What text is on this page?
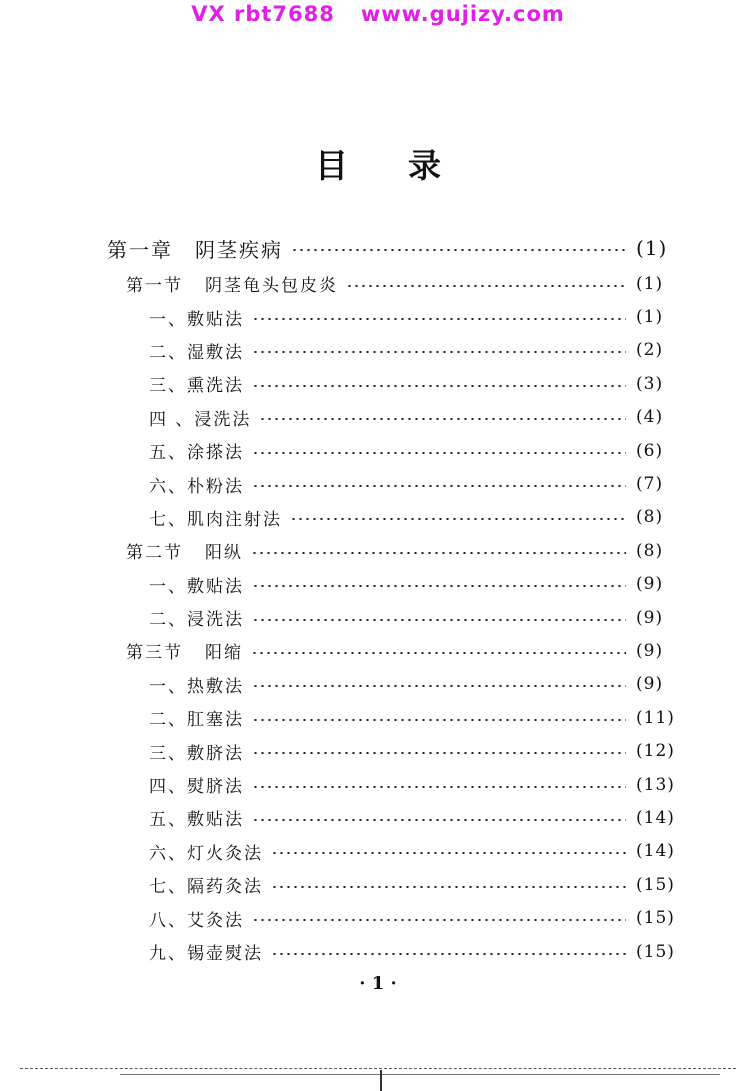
VX rbt7688 www.gujizy.com
目录
第一章 阴茎疾病	(1)
第一节 阴茎龟头包皮炎	(1)
一、敷贴法	(1)
二、湿敷法	(2)
三、熏洗法	(3)
四 、浸洗法	(4)
五、涂搽法	(6)
六、朴粉法	(7)
七、肌肉注射法	(8)
第二节 阳纵	(8)
一、敷贴法	(9)
二、浸洗法	(9)
第三节 阳缩	(9)
一、热敷法	(9)
二、肛塞法	(11)
三、敷脐法	(12)
四、熨脐法	(13)
五、敷贴法	(14)
六、灯火灸法	(14)
七、隔药灸法	(15)
八、艾灸法	(15)
九、锡壶熨法	(15)
· 1 ·
